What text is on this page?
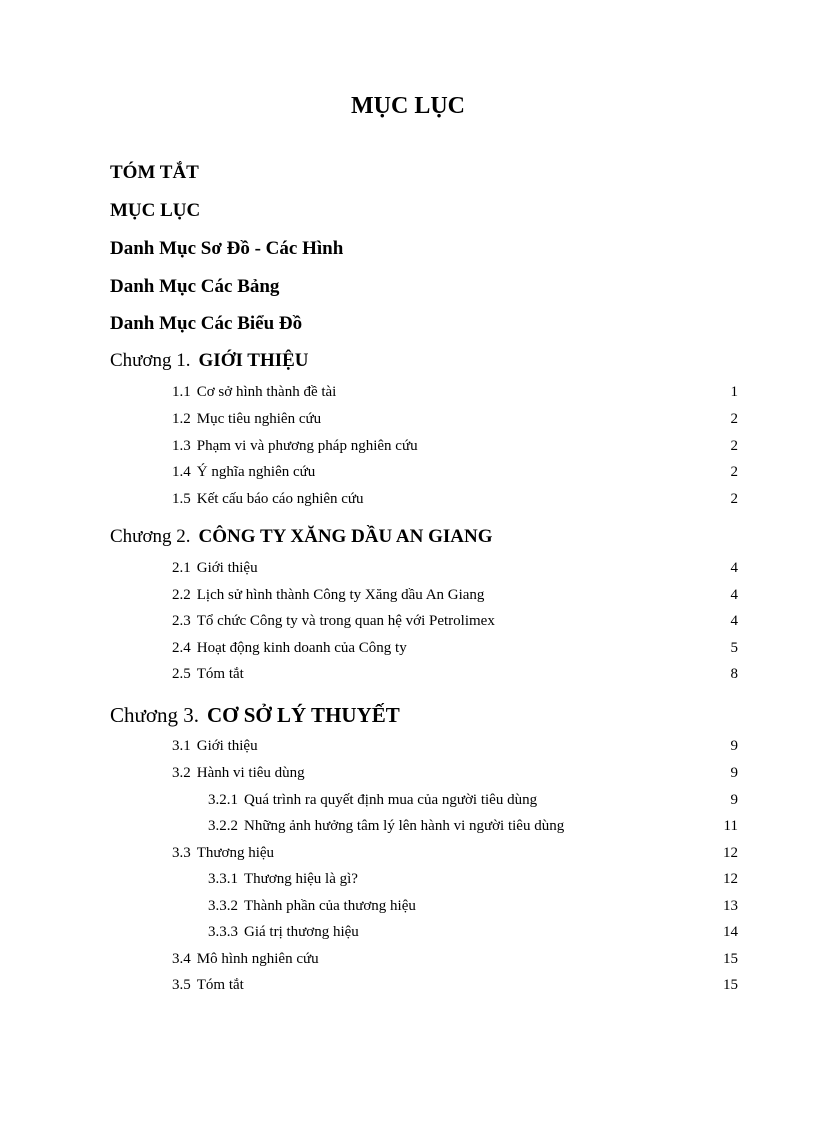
MỤC LỤC
TÓM TẮT
MỤC LỤC
Danh Mục Sơ Đồ - Các Hình
Danh Mục Các Bảng
Danh Mục Các Biểu Đồ
Chương 1. GIỚI THIỆU
1.1 Cơ sở hình thành đề tài	1
1.2 Mục tiêu nghiên cứu	2
1.3 Phạm vi và phương pháp nghiên cứu	2
1.4 Ý nghĩa nghiên cứu	2
1.5 Kết cấu báo cáo nghiên cứu	2
Chương 2. CÔNG TY XĂNG DẦU AN GIANG
2.1 Giới thiệu	4
2.2 Lịch sử hình thành Công ty Xăng dầu An Giang	4
2.3 Tổ chức Công ty và trong quan hệ với Petrolimex	4
2.4 Hoạt động kinh doanh của Công ty	5
2.5 Tóm tắt	8
Chương 3. CƠ SỞ LÝ THUYẾT
3.1 Giới thiệu	9
3.2 Hành vi tiêu dùng	9
3.2.1 Quá trình ra quyết định mua của người tiêu dùng	9
3.2.2 Những ảnh hưởng tâm lý lên hành vi người tiêu dùng	11
3.3 Thương hiệu	12
3.3.1 Thương hiệu là gì?	12
3.3.2 Thành phần của thương hiệu	13
3.3.3 Giá trị thương hiệu	14
3.4 Mô hình nghiên cứu	15
3.5 Tóm tắt	15
